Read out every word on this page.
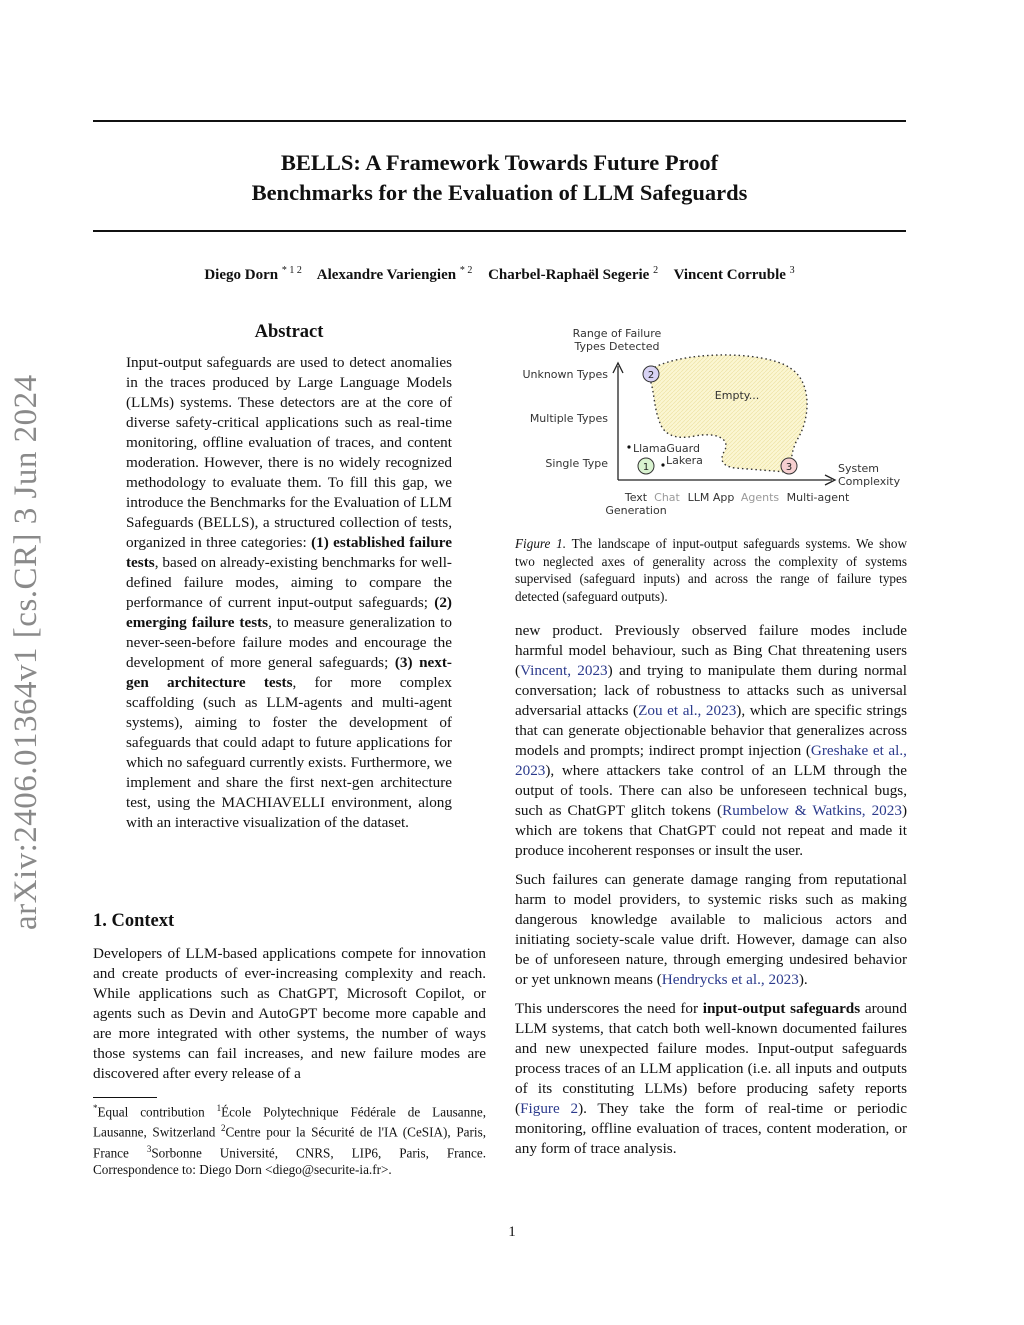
arXiv:2406.01364v1 [cs.CR] 3 Jun 2024
BELLS: A Framework Towards Future Proof
Benchmarks for the Evaluation of LLM Safeguards
Diego Dorn $^{* 1 2}$ Alexandre Variengien $^{* 2}$ Charbel-Raphaël Segerie $^2$ Vincent Corruble $^3$
Abstract
Input-output safeguards are used to detect anomalies in the traces produced by Large Language Models (LLMs) systems. These detectors are at the core of diverse safety-critical applications such as real-time monitoring, offline evaluation of traces, and content moderation. However, there is no widely recognized methodology to evaluate them. To fill this gap, we introduce the Benchmarks for the Evaluation of LLM Safeguards (BELLS), a structured collection of tests, organized in three categories: (1) established failure tests, based on already-existing benchmarks for well-defined failure modes, aiming to compare the performance of current input-output safeguards; (2) emerging failure tests, to measure generalization to never-seen-before failure modes and encourage the development of more general safeguards; (3) next-gen architecture tests, for more complex scaffolding (such as LLM-agents and multi-agent systems), aiming to foster the development of safeguards that could adapt to future applications for which no safeguard currently exists. Furthermore, we implement and share the first next-gen architecture test, using the MACHIAVELLI environment, along with an interactive visualization of the dataset.
1. Context
Developers of LLM-based applications compete for innovation and create products of ever-increasing complexity and reach. While applications such as ChatGPT, Microsoft Copilot, or agents such as Devin and AutoGPT become more capable and are more integrated with other systems, the number of ways those systems can fail increases, and new failure modes are discovered after every release of a
*Equal contribution $^1$École Polytechnique Fédérale de Lausanne, Lausanne, Switzerland $^2$Centre pour la Sécurité de l'IA (CeSIA), Paris, France $^3$Sorbonne Université, CNRS, LIP6, Paris, France. Correspondence to: Diego Dorn <diego@securite-ia.fr>.
Range of Failure
Types Detected
Empty...
Unknown Types
Multiple Types
Single Type
Text Chat LLM App Agents Multi-agent
Generation
System
Complexity
LlamaGuard
Lakera
1
2
3
Figure 1. The landscape of input-output safeguards systems. We show two neglected axes of generality across the complexity of systems supervised (safeguard inputs) and across the range of failure types detected (safeguard outputs).

new product. Previously observed failure modes include harmful model behaviour, such as Bing Chat threatening users (Vincent, 2023) and trying to manipulate them during normal conversation; lack of robustness to attacks such as universal adversarial attacks (Zou et al., 2023), which are specific strings that can generate objectionable behavior that generalizes across models and prompts; indirect prompt injection (Greshake et al., 2023), where attackers take control of an LLM through the output of tools. There can also be unforeseen technical bugs, such as ChatGPT glitch tokens (Rumbelow & Watkins, 2023) which are tokens that ChatGPT could not repeat and made it produce incoherent responses or insult the user.

Such failures can generate damage ranging from reputational harm to model providers, to systemic risks such as making dangerous knowledge available to malicious actors and initiating society-scale value drift. However, damage can also be of unforeseen nature, through emerging undesired behavior or yet unknown means (Hendrycks et al., 2023).

This underscores the need for input-output safeguards around LLM systems, that catch both well-known documented failures and new unexpected failure modes. Input-output safeguards process traces of an LLM application (i.e. all inputs and outputs of its constituting LLMs) before producing safety reports (Figure 2). They take the form of real-time or periodic monitoring, offline evaluation of traces, content moderation, or any form of trace analysis.

1
